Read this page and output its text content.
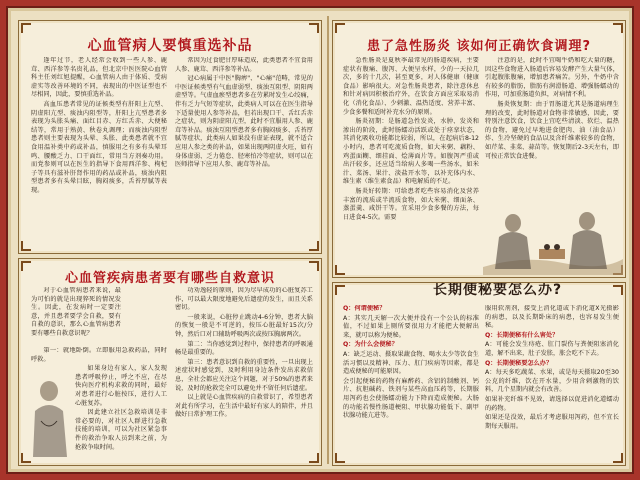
心血管病人要慎重选补品

逢年过节，老人经常会收到一些人参、鹿茸、西洋参等名贵礼品，但北京中医医院心血管科主任刘红旭提醒，心血管病人由于体质、受病虚实等改善环境的不同，表现出的中医证型也不尽相同，因此，要慎重选补品。

高血压患者常见的证候类型有肝阳上亢型、阴虚阳亢型、痰浊内阻型等，肝阳上亢型患者多表现为头胀头痛、面红目赤、方红舌赤、大便秘结等，常用于熟黄、秋卷丸调理；而痰浊内阻型患者则主要表现为头晕、头胀、此类患者就不宜食用温补类中药或补品，慎服用之有多有头晕耳鸣、腰酸乏力、口干面红，常用当方剂奏功用。而党参则可以在医生的指导下食用西洋参、枸杞子等具有滋补肝肾作用的药品或补品，痰浊内阻型患者多有头晕目眩，胸闷痰多，舌苔厚腻等表现。

常因为过食肥甘厚味造成，此类患者不宜食用人参、鹿茸、西洋参等补品。

冠心病属于中医"胸痹"、"心痛"范畴，常见的中医证候类型有气血虚弱型、痰浊互阻型、阴阳两虚型等。气虚血瘀型患者多在劳累时发生心绞痛，伴有乏力气短等症状，此类病人可以在在医生指导下适量使用人参等补品，但若出现口干、舌红舌赤之症状，则为阴虚阳亢型，此时不宜服用人参、鹿茸等补品。痰浊互阻型患者多有胸闷痰多、舌苔厚腻等症状，此类病人如果没有虚证表现，就不适合应用人参之类的补品，如果出现两阴虚火旺，如有身体虚弱、乏力倦怠、胫寒怕冷等症状，则可以在医师指导下应用人参、鹿茸等补品。

心血管疾病患者要有哪些自救意识

对于心血管病患者来说，最为可怕的就是出现猝死的情况发生。因此，在发病时一定要注意，并且患者要学会自救，要有自救的意识，那么心血管病患者要有哪些自救意识呢？

第一：就地卧倒。立即服用急救药品，同时呼救。

如果身边有家人，家人发现患者呼吸停止，呼之不应，在尽快向医疗机构求救的同时，最好对患者进行心脏按压，进行人工心脏复苏。

因此建立社区急救培训是非常必要的，对社区人群进行急救技能的培训，可以为社区紧急事件的救治争取人员到来之前，为抢救争取时间。

功劝逸轻的原则，因为尽早成功的心脏复苏工作，可以最大限度地避免后遗症的发生，而且关系密切。

一般来说，心脏停止跳动4-6分钟，患者大脑的恢复一般是不可逆的，按压心脏最好15次/分钟，然后口对口辅助呼吸两次或按压胸廓两次。

第二：当你感觉到过程中，保持患者的呼吸通畅是最重要的。

第三：患者意识到自救的重要性，一旦出现上述症状时感觉到，及时利用身边条件发出求救信息，全社会都应关注这个问题，对于50%的患者来说，及时的抢救完全可以避免并不留任何后遗症。

以上就是心血管疾病的自救常识了，希望患者对此有所学习，在生活中最好有家人的陪伴，并且做好日常护理工作。

患了急性肠炎 该如何正确饮食调理?

急性肠炎是夏秋季最常见的肠道疾病，主要症状有腹痛、腹泻、大便呈水样，少的一天拉几次，多的十几次，甚至更多，对人体健康（健康食品）影响很大。对急性肠炎患者，除注意休息和针对病因积极治疗外，在饮食方面应采取易消化（消化食品）、少刺激、温热适度、营养丰富、少食多餐和适时补充水分的原则。

肠炎初期：是肠道急性发炎，水肿、发炎和渗出的阶段，此时肠蠕动活跃或处于痉挛状态，其消化吸收功能都比较弱，所以，在起病后8-12小时内，患者可吃流质食物，如大米粥、藕粉、鸡蛋面糊、细挂面、烩薄面片等。如腹泻严重或出汗较多，还应适当给病人多喝一些汤水，如米汁、菜汤、果汁、淡盐开水等，以补充体内水、维生素（维生素食品）和电解质的不足。

肠炎好转期：可给患者吃些容易消化及营养丰富的流质或半流质食物，如大米粥、细面条、蒸蛋羹、咸饼干等。宜采用少食多餐的方法，每日进食4-5次。需要

注意的是，此时不宜喝牛奶和吃大量的糖，因这些食物进入肠道后容易发酵产生大量气体，引起腹胀腹痛，增加患者痛苦。另外，牛奶中含有较多的脂肪，脂肪有润滑肠道、增强肠蠕动的作用，可加重肠道负担，对病情不利。

肠炎恢复期：由于胃肠道尤其是肠道病理生理的改变，此时肠道对食物非常敏感，因此，要特别注意饮食，饮食上宜吃些清淡、软烂、温热的食物，避免过早地进食肥肉、油（油食品）炸、生冷坚硬的食品以及含纤维素较多的食物，如芹菜、韭菜、蒜苗等。恢复期后2-3天左右，即可按正常饮食进餐。

长期便秘要怎么办?

Q：何谓便秘？

A：其实几天解一次大便并没有一个公认的标准值，不过如果上厕所要很用力才能把大便解出来，就可以称为便秘。

Q：为什么会便秘？

A：缺乏运动、摄取果蔬食物、喝水太少等饮食生活习惯以及精神、压力、肛门疾病等因素，都是造成便秘的可能原因。

会引起便秘的药物有麻醉药、含铝的制酸剂、钙片、抗胆碱药、铁剂与某些高血压药等，长期服用泻药也会使肠蠕动能力下降而造成便秘。大肠的功能若慢性肠道梗阻、甲状腺功能低下、副甲状腺功能亢进等。

服用软剂剂，接受上消化道或下消化道X光摄影的病患，以及长期卧床的病患，也容易发生便秘。

Q：长期便秘有什么害处？

A：可能会发生痔疮、肛门裂伤与粪便阻塞消化道，解不出来，肚子发胀，胀会吃不下去。

Q：长期便秘要怎么办？

A：每天多吃蔬菜、水果，或是每天摄取20至30公克的纤维，饮在开水量，少用含刺激物的饮料，几个星期内就会有改善。

如果补充纤维不见效，请选择以促进消化道蠕动的药物。

如果还是没效，最后才考虑服用泻药，但不宜长期每天服用。
